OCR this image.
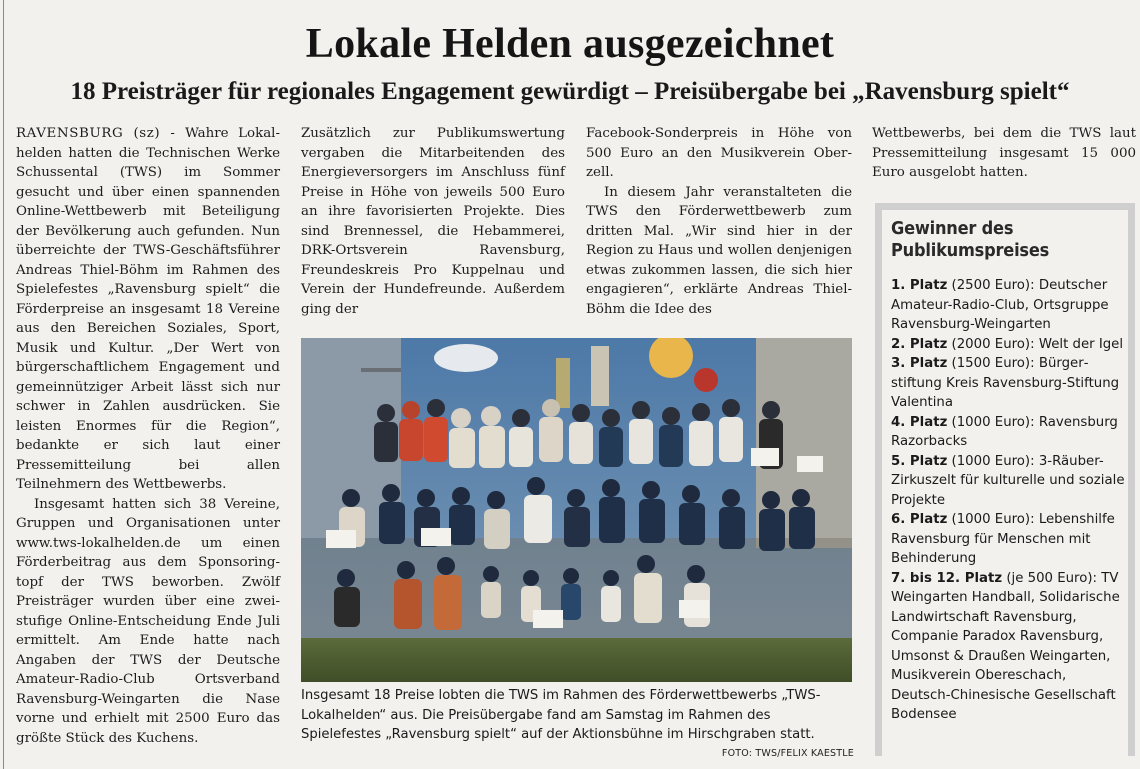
Lokale Helden ausgezeichnet
18 Preisträger für regionales Engagement gewürdigt – Preisübergabe bei „Ravensburg spielt“

RAVENSBURG (sz) - Wahre Lokalhelden hatten die Technischen Werke Schussental (TWS) im Sommer gesucht und über einen spannenden Online-Wettbewerb mit Beteiligung der Bevölkerung auch gefunden. Nun überreichte der TWS-Geschäftsführer Andreas Thiel-Böhm im Rahmen des Spielefestes „Ravensburg spielt“ die Förderpreise an insgesamt 18 Vereine aus den Bereichen Soziales, Sport, Musik und Kultur. „Der Wert von bürgerschaftlichem Engagement und gemeinnütziger Arbeit lässt sich nur schwer in Zahlen ausdrücken. Sie leisten Enormes für die Region“, bedankte er sich laut einer Pressemitteilung bei allen Teilnehmern des Wettbewerbs.

Insgesamt hatten sich 38 Vereine, Gruppen und Organisationen unter www.tws-lokalhelden.de um einen Förderbeitrag aus dem Sponsoringtopf der TWS beworben. Zwölf Preisträger wurden über eine zweistufige Online-Entscheidung Ende Juli ermittelt. Am Ende hatte nach Angaben der TWS der Deutsche Amateur-Radio-Club Ortsverband Ravensburg-Weingarten die Nase vorne und erhielt mit 2500 Euro das größte Stück des Kuchens.

Zusätzlich zur Publikumswertung vergaben die Mitarbeitenden des Energieversorgers im Anschluss fünf Preise in Höhe von jeweils 500 Euro an ihre favorisierten Projekte. Dies sind Brennessel, die Hebammerei, DRK-Ortsverein Ravensburg, Freundeskreis Pro Kuppelnau und Verein der Hundefreunde. Außerdem ging der

Facebook-Sonderpreis in Höhe von 500 Euro an den Musikverein Oberzell.

In diesem Jahr veranstalteten die TWS den Förderwettbewerb zum dritten Mal. „Wir sind hier in der Region zu Haus und wollen denjenigen etwas zukommen lassen, die sich hier engagieren“, erklärte Andreas Thiel-Böhm die Idee des

Wettbewerbs, bei dem die TWS laut Pressemitteilung insgesamt 15 000 Euro ausgelobt hatten.

Insgesamt 18 Preise lobten die TWS im Rahmen des Förderwettbewerbs „TWS-Lokalhelden“ aus. Die Preisübergabe fand am Samstag im Rahmen des Spielefestes „Ravensburg spielt“ auf der Aktionsbühne im Hirschgraben statt.

FOTO: TWS/FELIX KAESTLE
Gewinner des Publikumspreises
1. Platz (2500 Euro): Deutscher Amateur-Radio-Club, Ortsgruppe Ravensburg-Weingarten
2. Platz (2000 Euro): Welt der Igel
3. Platz (1500 Euro): Bürgerstiftung Kreis Ravensburg-Stiftung Valentina
4. Platz (1000 Euro): Ravensburg Razorbacks
5. Platz (1000 Euro): 3-Räuber-Zirkuszelt für kulturelle und soziale Projekte
6. Platz (1000 Euro): Lebenshilfe Ravensburg für Menschen mit Behinderung
7. bis 12. Platz (je 500 Euro): TV Weingarten Handball, Solidarische Landwirtschaft Ravensburg, Companie Paradox Ravensburg, Umsonst & Draußen Weingarten, Musikverein Obereschach, Deutsch-Chinesische Gesellschaft Bodensee
